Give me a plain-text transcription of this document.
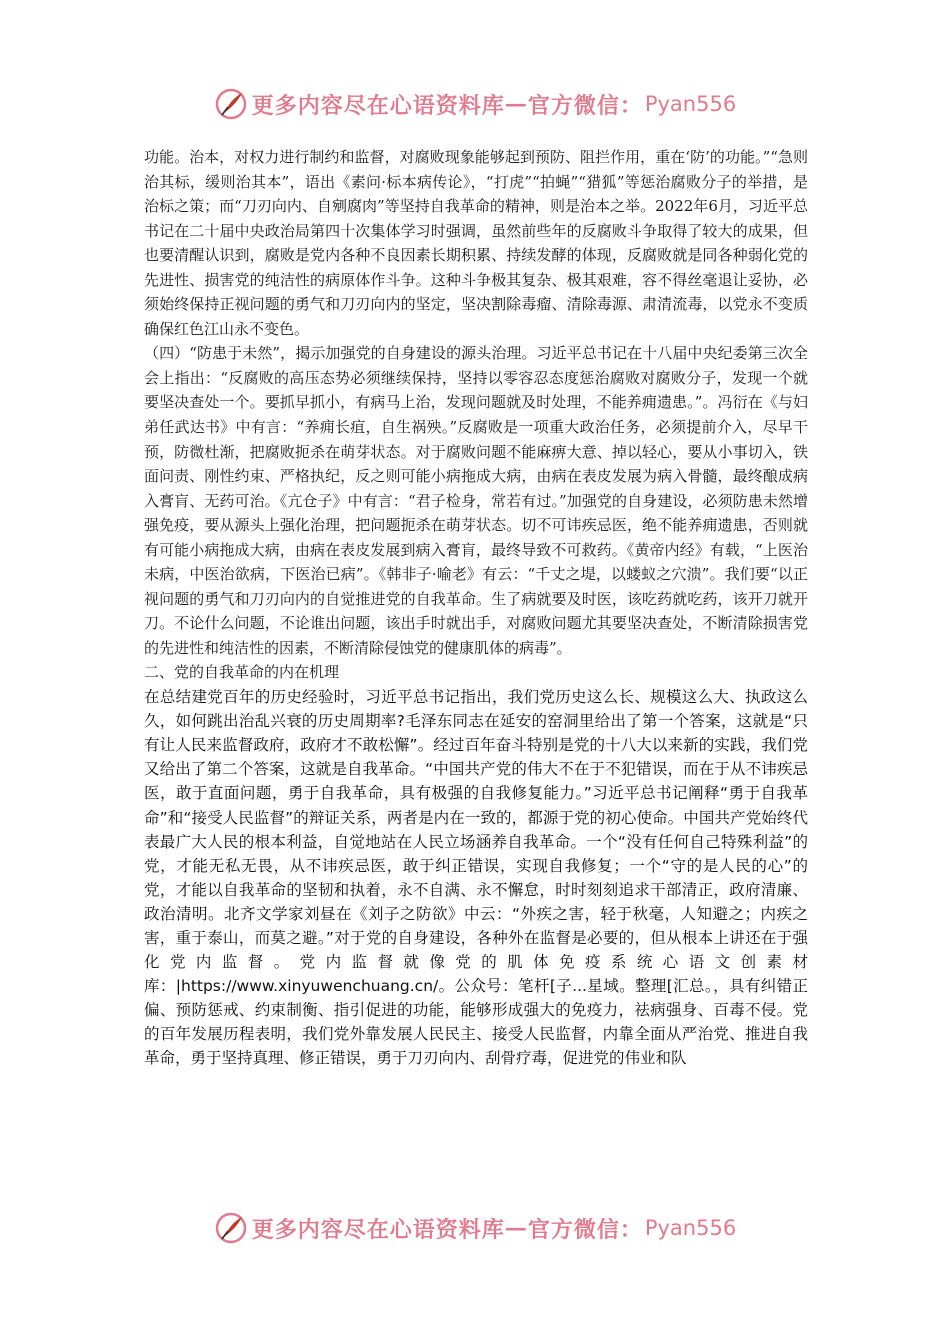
更多内容尽在心语资料库 — 官方微信： Pyan556

功能。治本，对权力进行制约和监督，对腐败现象能够起到预防、阻拦作用，重在‘防’的功能。”“急则治其标，缓则治其本”，语出《素问·标本病传论》，“打虎”“拍蝇”“猎狐”等惩治腐败分子的举措，是治标之策；而“刀刃向内、自剜腐肉”等坚持自我革命的精神，则是治本之举。2022年6月，习近平总书记在二十届中央政治局第四十次集体学习时强调，虽然前些年的反腐败斗争取得了较大的成果，但也要清醒认识到，腐败是党内各种不良因素长期积累、持续发酵的体现，反腐败就是同各种弱化党的先进性、损害党的纯洁性的病原体作斗争。这种斗争极其复杂、极其艰难，容不得丝毫退让妥协，必须始终保持正视问题的勇气和刀刃向内的坚定，坚决割除毒瘤、清除毒源、肃清流毒，以党永不变质确保红色江山永不变色。

（四）“防患于未然”，揭示加强党的自身建设的源头治理。习近平总书记在十八届中央纪委第三次全会上指出：“反腐败的高压态势必须继续保持，坚持以零容忍态度惩治腐败对腐败分子，发现一个就要坚决查处一个。要抓早抓小，有病马上治，发现问题就及时处理，不能养痈遗患。”。冯衍在《与妇弟任武达书》中有言：“养痈长疽，自生祸殃。”反腐败是一项重大政治任务，必须提前介入，尽早干预，防微杜渐，把腐败扼杀在萌芽状态。对于腐败问题不能麻痹大意、掉以轻心，要从小事切入，铁面问责、刚性约束、严格执纪，反之则可能小病拖成大病，由病在表皮发展为病入骨髓，最终酿成病入膏肓、无药可治。《亢仓子》中有言：“君子检身，常若有过。”加强党的自身建设，必须防患未然增强免疫，要从源头上强化治理，把问题扼杀在萌芽状态。切不可讳疾忌医，绝不能养痈遗患，否则就有可能小病拖成大病，由病在表皮发展到病入膏肓，最终导致不可救药。《黄帝内经》有载，“上医治未病，中医治欲病，下医治已病”。《韩非子·喻老》有云：“千丈之堤，以蝼蚁之穴溃”。我们要“以正视问题的勇气和刀刃向内的自觉推进党的自我革命。生了病就要及时医，该吃药就吃药，该开刀就开刀。不论什么问题，不论谁出问题，该出手时就出手，对腐败问题尤其要坚决查处，不断清除损害党的先进性和纯洁性的因素，不断清除侵蚀党的健康肌体的病毒”。

二、党的自我革命的内在机理

在总结建党百年的历史经验时，习近平总书记指出，我们党历史这么长、规模这么大、执政这么久，如何跳出治乱兴衰的历史周期率?毛泽东同志在延安的窑洞里给出了第一个答案，这就是“只有让人民来监督政府，政府才不敢松懈”。经过百年奋斗特别是党的十八大以来新的实践，我们党又给出了第二个答案，这就是自我革命。“中国共产党的伟大不在于不犯错误，而在于从不讳疾忌医，敢于直面问题，勇于自我革命，具有极强的自我修复能力。”习近平总书记阐释“勇于自我革命”和“接受人民监督”的辩证关系，两者是内在一致的，都源于党的初心使命。中国共产党始终代表最广大人民的根本利益，自觉地站在人民立场涵养自我革命。一个“没有任何自己特殊利益”的党，才能无私无畏，从不讳疾忌医，敢于纠正错误，实现自我修复；一个“守的是人民的心”的党，才能以自我革命的坚韧和执着，永不自满、永不懈怠，时时刻刻追求干部清正，政府清廉、政治清明。北齐文学家刘昼在《刘子之防欲》中云：“外疾之害，轻于秋毫，人知避之；内疾之害，重于泰山，而莫之避。”对于党的自身建设，各种外在监督是必要的，但从根本上讲还在于强化党内监督。党内监督就像党的肌体免疫系统心语文创素材库：|https://www.xinyuwenchuang.cn/。公众号：笔杆[子...星域。整理[汇总。，具有纠错正偏、预防惩戒、约束制衡、指引促进的功能，能够形成强大的免疫力，祛病强身、百毒不侵。党的百年发展历程表明，我们党外靠发展人民民主、接受人民监督，内靠全面从严治党、推进自我革命，勇于坚持真理、修正错误，勇于刀刃向内、刮骨疗毒，促进党的伟业和队

更多内容尽在心语资料库 — 官方微信： Pyan556
